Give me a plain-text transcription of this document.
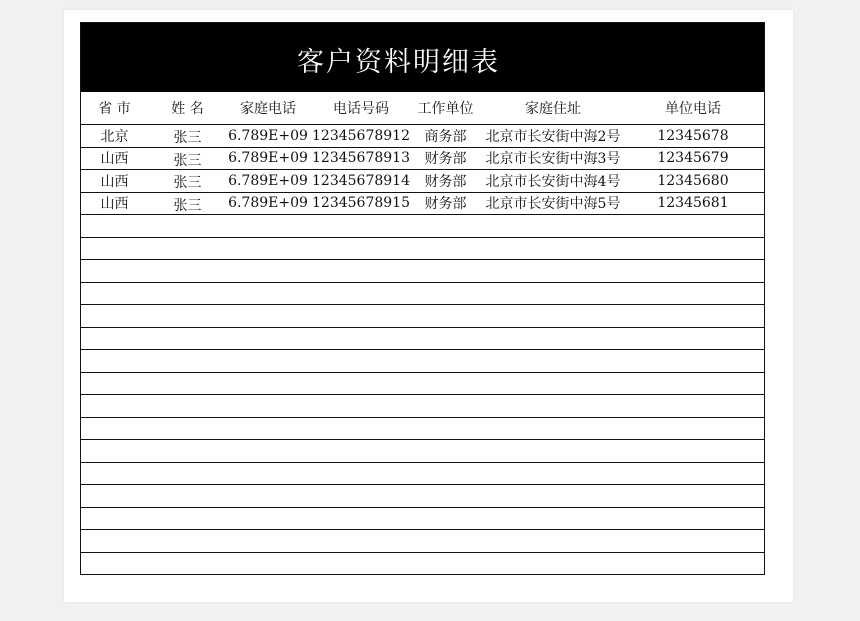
客户资料明细表
省 市	姓 名	家庭电话	电话号码	工作单位	家庭住址	单位电话
北京	张三	6.789E+09 12345678912	商务部	北京市长安街中海2号	12345678
山西	张三	6.789E+09 12345678913	财务部	北京市长安街中海3号	12345679
山西	张三	6.789E+09 12345678914	财务部	北京市长安街中海4号	12345680
山西	张三	6.789E+09 12345678915	财务部	北京市长安街中海5号	12345681
